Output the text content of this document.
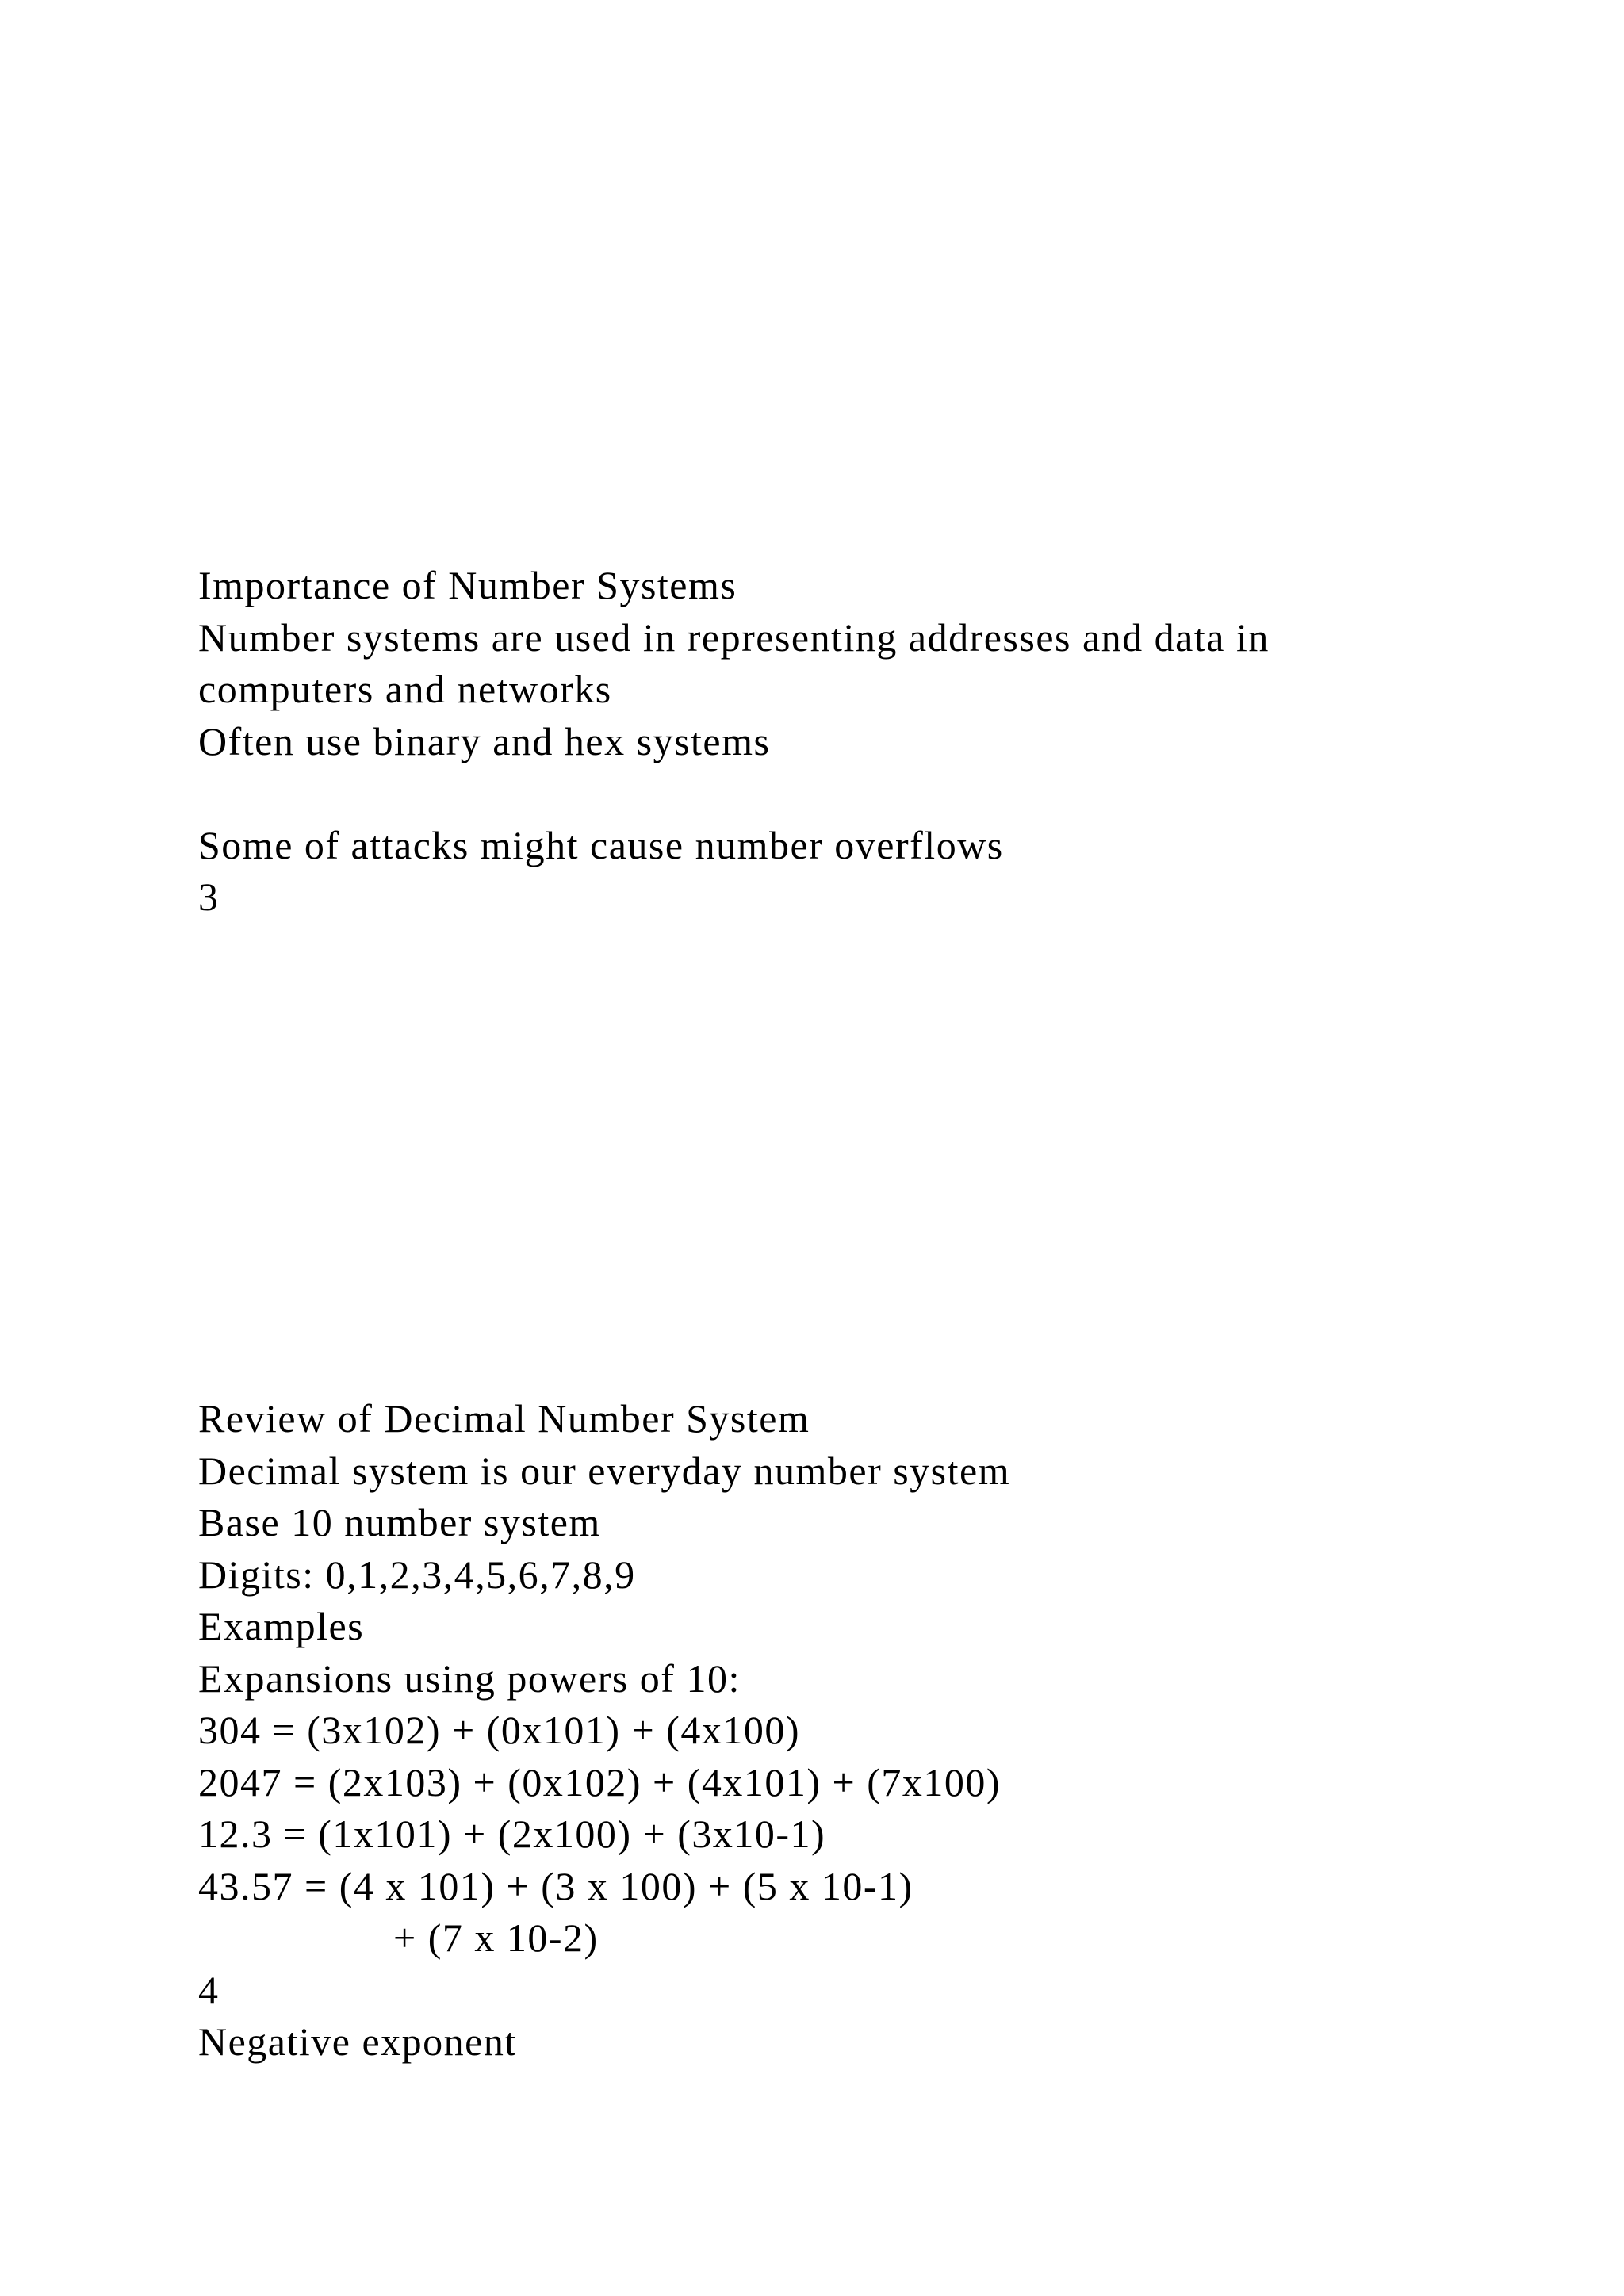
Importance of Number Systems
Number systems are used in representing addresses and data in
computers and networks
Often use binary and hex systems
Some of attacks might cause number overflows
3
Review of Decimal Number System
Decimal system is our everyday number system
Base 10 number system
Digits: 0,1,2,3,4,5,6,7,8,9
Examples
Expansions using powers of 10:
304 = (3x102) + (0x101) + (4x100)
2047 = (2x103) + (0x102) + (4x101) + (7x100)
12.3 = (1x101) + (2x100) + (3x10-1)
43.57 = (4 x 101) + (3 x 100) + (5 x 10-1)
+ (7 x 10-2)
4
Negative exponent
